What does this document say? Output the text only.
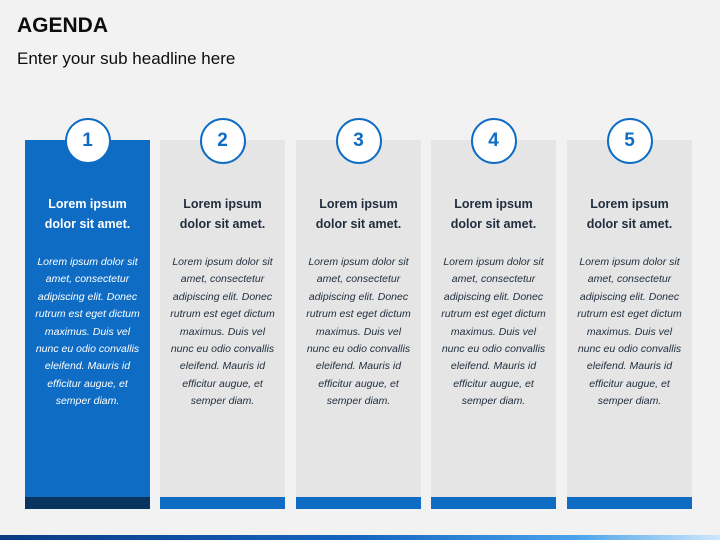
AGENDA
Enter your sub headline here
1
Lorem ipsum dolor sit amet.
Lorem ipsum dolor sit amet, consectetur adipiscing elit. Donec rutrum est eget dictum maximus. Duis vel nunc eu odio convallis eleifend. Mauris id efficitur augue, et semper diam.
2
Lorem ipsum dolor sit amet.
Lorem ipsum dolor sit amet, consectetur adipiscing elit. Donec rutrum est eget dictum maximus. Duis vel nunc eu odio convallis eleifend. Mauris id efficitur augue, et semper diam.
3
Lorem ipsum dolor sit amet.
Lorem ipsum dolor sit amet, consectetur adipiscing elit. Donec rutrum est eget dictum maximus. Duis vel nunc eu odio convallis eleifend. Mauris id efficitur augue, et semper diam.
4
Lorem ipsum dolor sit amet.
Lorem ipsum dolor sit amet, consectetur adipiscing elit. Donec rutrum est eget dictum maximus. Duis vel nunc eu odio convallis eleifend. Mauris id efficitur augue, et semper diam.
5
Lorem ipsum dolor sit amet.
Lorem ipsum dolor sit amet, consectetur adipiscing elit. Donec rutrum est eget dictum maximus. Duis vel nunc eu odio convallis eleifend. Mauris id efficitur augue, et semper diam.
